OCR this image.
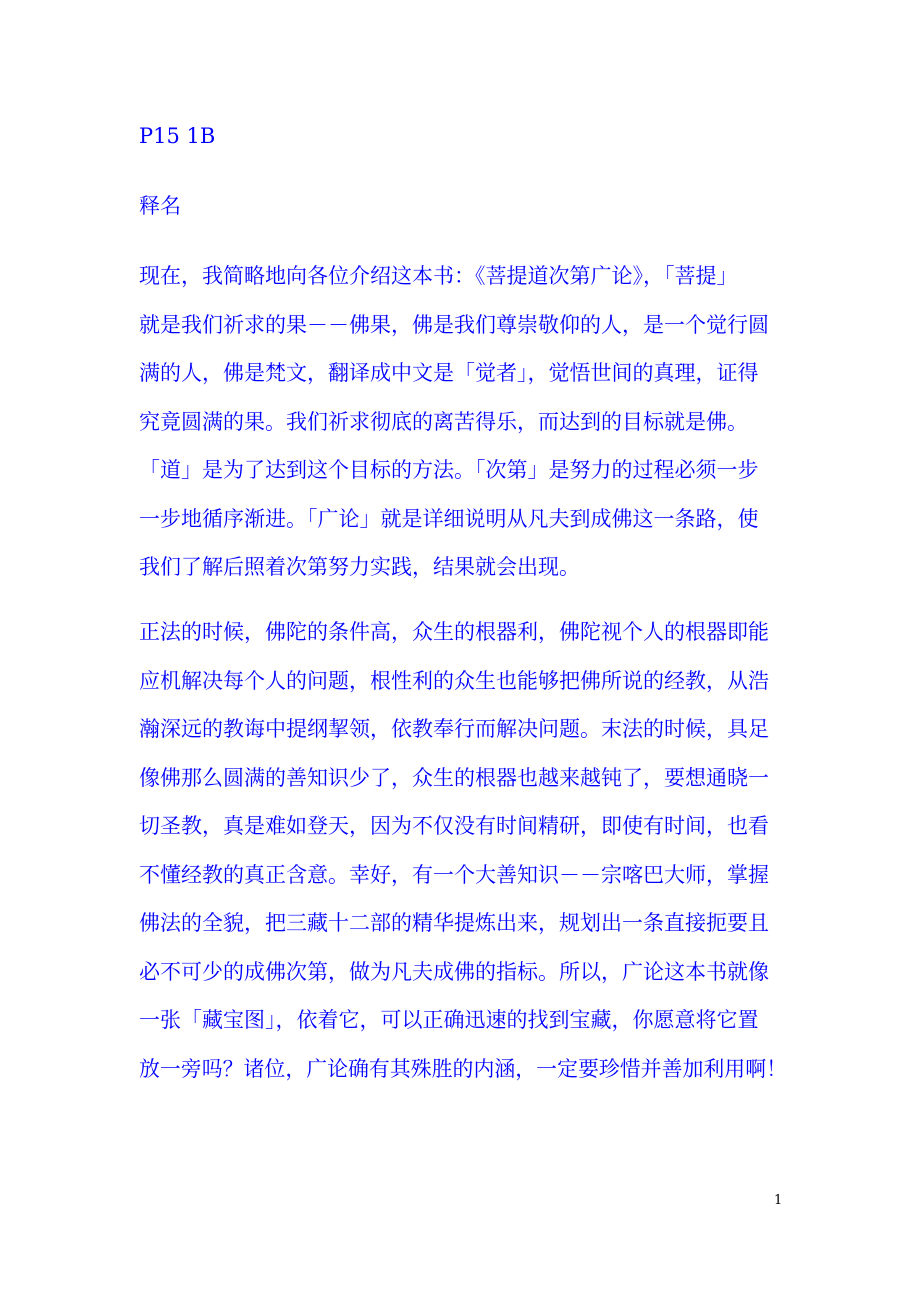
P15 1B

释名

现在，我简略地向各位介绍这本书：《菩提道次第广论》，「菩提」
就是我们祈求的果－－佛果，佛是我们尊崇敬仰的人，是一个觉行圆
满的人，佛是梵文，翻译成中文是「觉者」，觉悟世间的真理，证得
究竟圆满的果。我们祈求彻底的离苦得乐，而达到的目标就是佛。
「道」是为了达到这个目标的方法。「次第」是努力的过程必须一步
一步地循序渐进。「广论」就是详细说明从凡夫到成佛这一条路，使
我们了解后照着次第努力实践，结果就会出现。
正法的时候，佛陀的条件高，众生的根器利，佛陀视个人的根器即能
应机解决每个人的问题，根性利的众生也能够把佛所说的经教，从浩
瀚深远的教诲中提纲挈领，依教奉行而解决问题。末法的时候，具足
像佛那么圆满的善知识少了，众生的根器也越来越钝了，要想通晓一
切圣教，真是难如登天，因为不仅没有时间精研，即使有时间，也看
不懂经教的真正含意。幸好，有一个大善知识－－宗喀巴大师，掌握
佛法的全貌，把三藏十二部的精华提炼出来，规划出一条直接扼要且
必不可少的成佛次第，做为凡夫成佛的指标。所以，广论这本书就像
一张「藏宝图」，依着它，可以正确迅速的找到宝藏，你愿意将它置
放一旁吗？诸位，广论确有其殊胜的内涵，一定要珍惜并善加利用啊！

1
